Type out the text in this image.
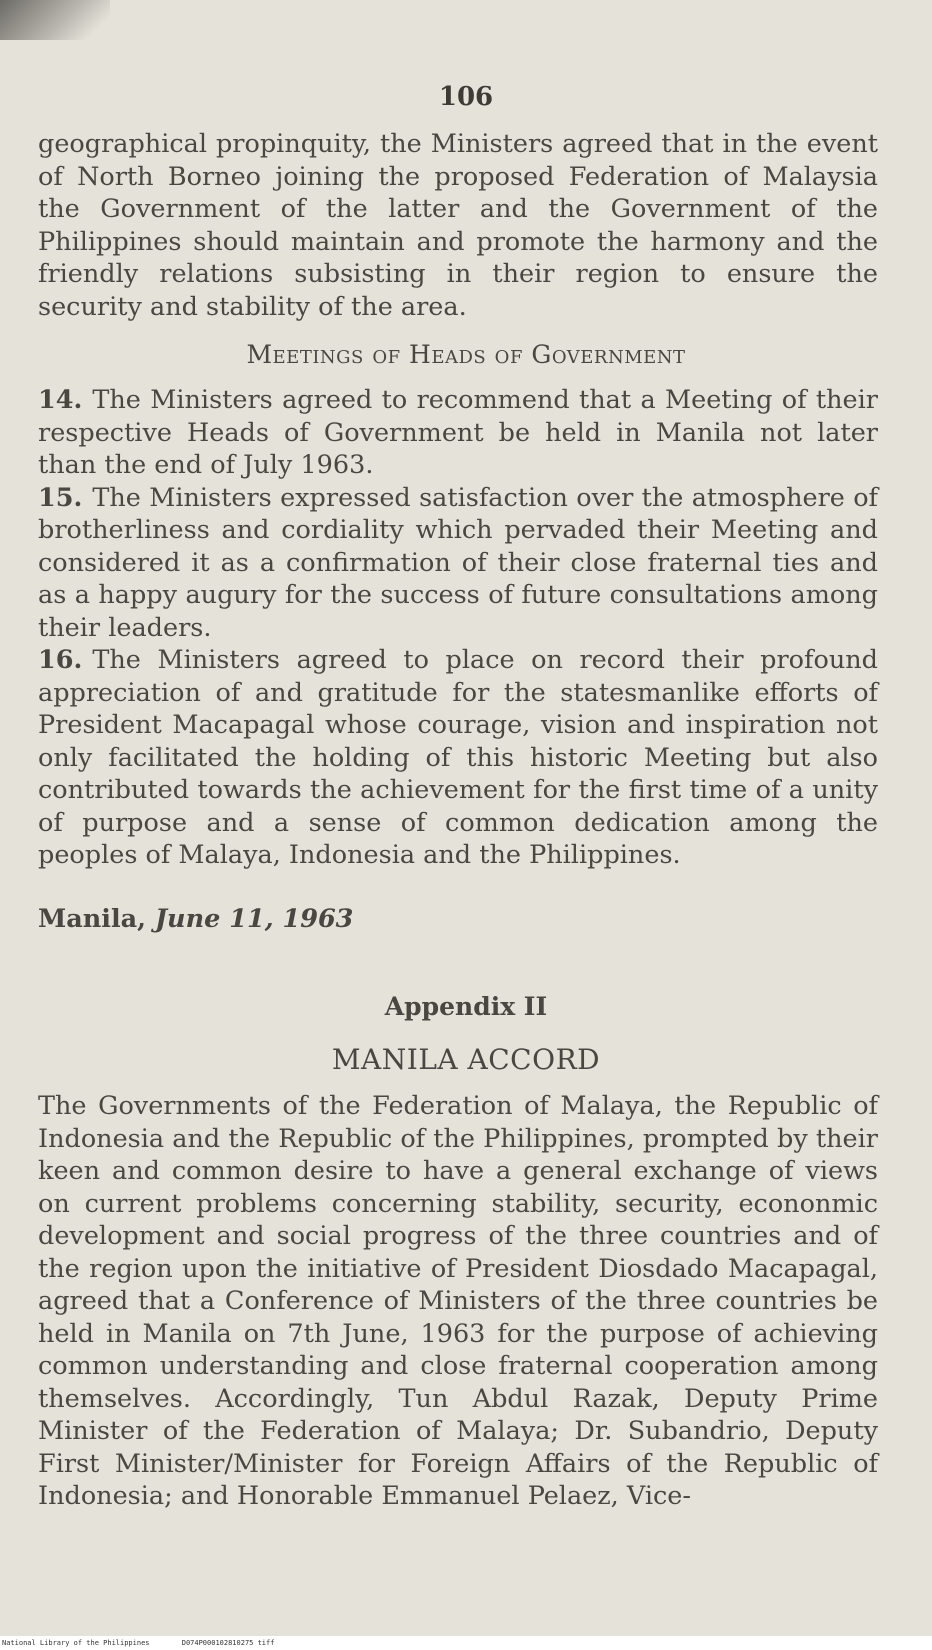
106

geographical propinquity, the Ministers agreed that in the event of North Borneo joining the proposed Federation of Malaysia the Government of the latter and the Government of the Philippines should maintain and promote the harmony and the friendly relations subsisting in their region to ensure the security and stability of the area.

Meetings of Heads of Government

14. The Ministers agreed to recommend that a Meeting of their respective Heads of Government be held in Manila not later than the end of July 1963.

15. The Ministers expressed satisfaction over the atmosphere of brotherliness and cordiality which pervaded their Meeting and considered it as a confirmation of their close fraternal ties and as a happy augury for the success of future consultations among their leaders.

16. The Ministers agreed to place on record their profound appreciation of and gratitude for the statesmanlike efforts of President Macapagal whose courage, vision and inspiration not only facilitated the holding of this historic Meeting but also contributed towards the achievement for the first time of a unity of purpose and a sense of common dedication among the peoples of Malaya, Indonesia and the Philippines.

Manila, June 11, 1963
Appendix II
MANILA ACCORD

The Governments of the Federation of Malaya, the Republic of Indonesia and the Republic of the Philippines, prompted by their keen and common desire to have a general exchange of views on current problems concerning stability, security, econonmic development and social progress of the three countries and of the region upon the initiative of President Diosdado Macapagal, agreed that a Conference of Ministers of the three countries be held in Manila on 7th June, 1963 for the purpose of achieving common understanding and close fraternal cooperation among themselves. Accordingly, Tun Abdul Razak, Deputy Prime Minister of the Federation of Malaya; Dr. Subandrio, Deputy First Minister/Minister for Foreign Affairs of the Republic of Indonesia; and Honorable Emmanuel Pelaez, Vice-

National Library of the Philippines	D074P000102810275 tiff
